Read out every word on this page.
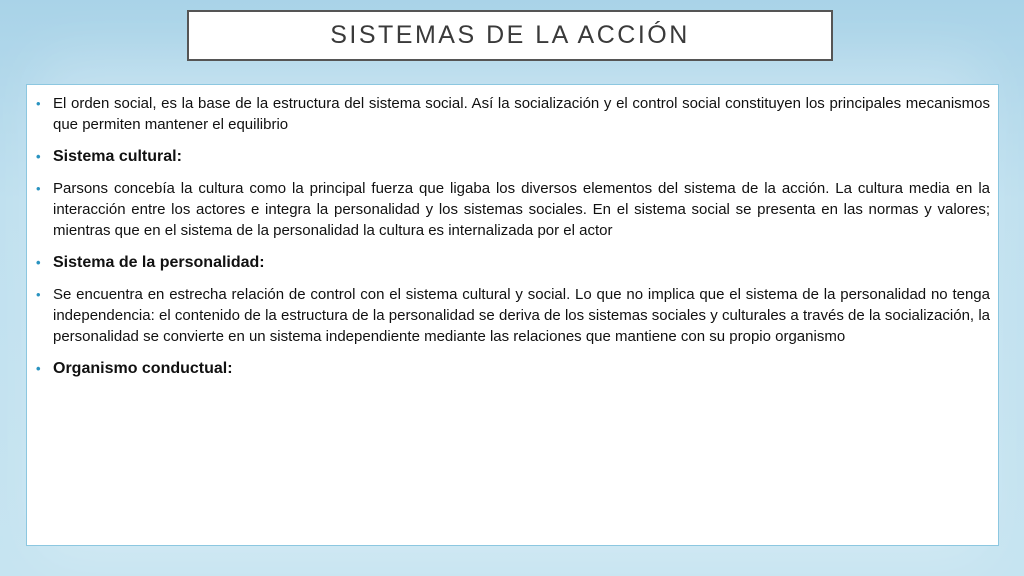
SISTEMAS DE LA ACCIÓN
• El orden social, es la base de la estructura del sistema social. Así la socialización y el control social constituyen los principales mecanismos que permiten mantener el equilibrio
• Sistema cultural:
• Parsons concebía la cultura como la principal fuerza que ligaba los diversos elementos del sistema de la acción. La cultura media en la interacción entre los actores e integra la personalidad y los sistemas sociales. En el sistema social se presenta en las normas y valores; mientras que en el sistema de la personalidad la cultura es internalizada por el actor
• Sistema de la personalidad:
• Se encuentra en estrecha relación de control con el sistema cultural y social. Lo que no implica que el sistema de la personalidad no tenga independencia: el contenido de la estructura de la personalidad se deriva de los sistemas sociales y culturales a través de la socialización, la personalidad se convierte en un sistema independiente mediante las relaciones que mantiene con su propio organismo
• Organismo conductual:
